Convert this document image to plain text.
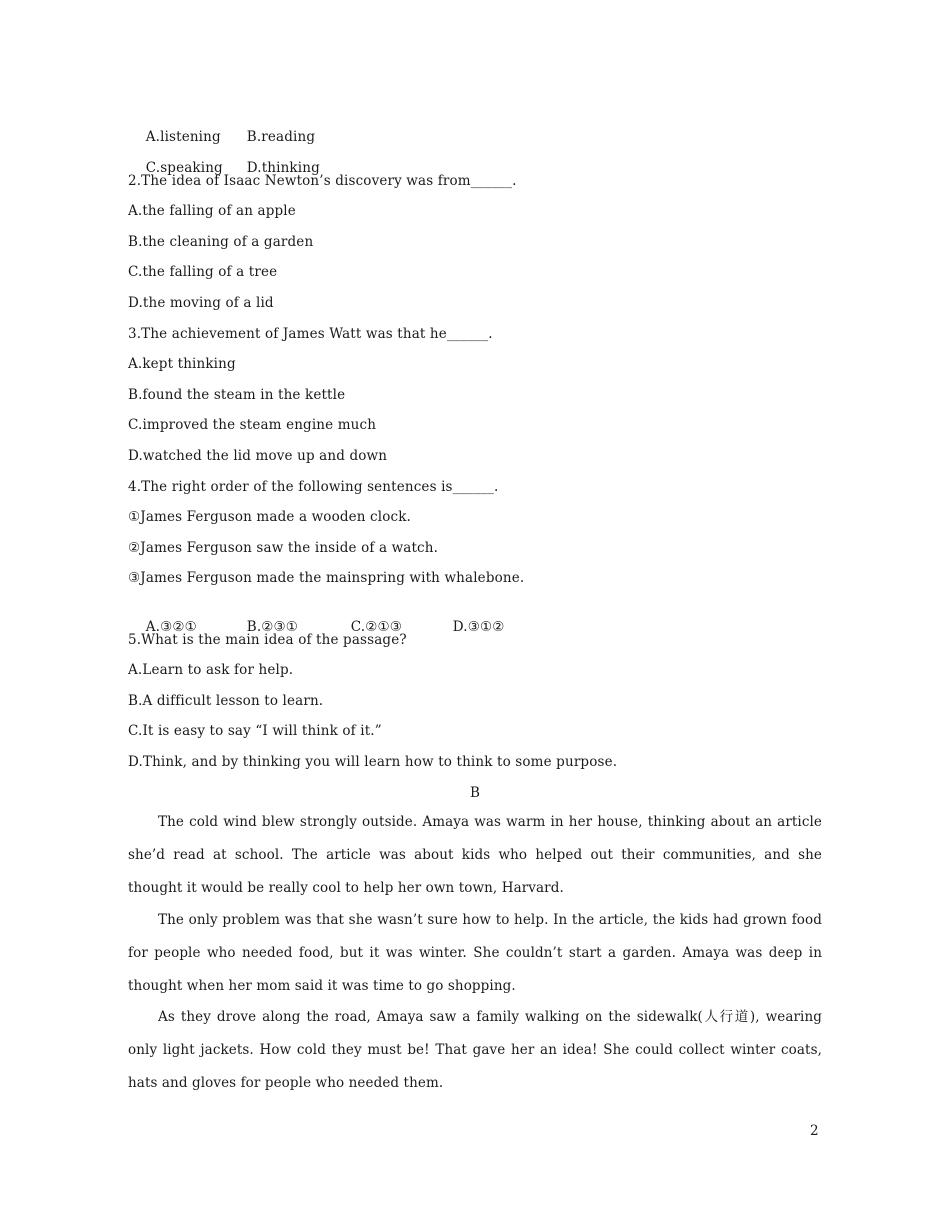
A.listening B.reading

C.speaking D.thinking

2.The idea of Isaac Newton’s discovery was from______.
A.the falling of an apple
B.the cleaning of a garden
C.the falling of a tree
D.the moving of a lid
3.The achievement of James Watt was that he______.
A.kept thinking
B.found the steam in the kettle
C.improved the steam engine much
D.watched the lid move up and down
4.The right order of the following sentences is______.
①James Ferguson made a wooden clock.
②James Ferguson saw the inside of a watch.
③James Ferguson made the mainspring with whalebone.

A.③②①	B.②③①	C.②①③	D.③①②

5.What is the main idea of the passage?
A.Learn to ask for help.
B.A difficult lesson to learn.
C.It is easy to say “I will think of it.”
D.Think, and by thinking you will learn how to think to some purpose.
B
The cold wind blew strongly outside. Amaya was warm in her house, thinking about an article she’d read at school. The article was about kids who helped out their communities, and she thought it would be really cool to help her own town, Harvard.
The only problem was that she wasn’t sure how to help. In the article, the kids had grown food for people who needed food, but it was winter. She couldn’t start a garden. Amaya was deep in thought when her mom said it was time to go shopping.
As they drove along the road, Amaya saw a family walking on the sidewalk(人行道), wearing only light jackets. How cold they must be! That gave her an idea! She could collect winter coats, hats and gloves for people who needed them.
2
